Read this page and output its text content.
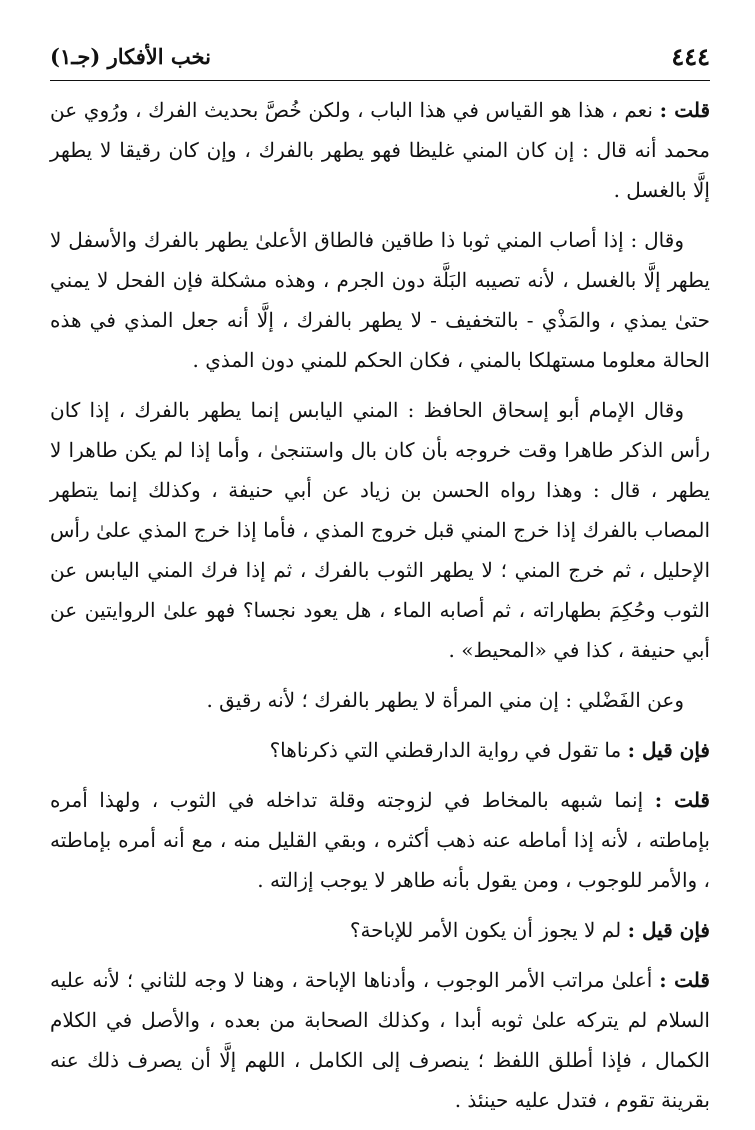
٤٤٤
نخب الأفكار (جـ١)

قلت : نعم ، هذا هو القياس في هذا الباب ، ولكن خُصَّ بحديث الفرك ، ورُوي عن محمد أنه قال : إن كان المني غليظا فهو يطهر بالفرك ، وإن كان رقيقا لا يطهر إلَّا بالغسل .

وقال : إذا أصاب المني ثوبا ذا طاقين فالطاق الأعلىٰ يطهر بالفرك والأسفل لا يطهر إلَّا بالغسل ، لأنه تصيبه البَلَّة دون الجرم ، وهذه مشكلة فإن الفحل لا يمني حتىٰ يمذي ، والمَذْي - بالتخفيف - لا يطهر بالفرك ، إلَّا أنه جعل المذي في هذه الحالة معلوما مستهلكا بالمني ، فكان الحكم للمني دون المذي .

وقال الإمام أبو إسحاق الحافظ : المني اليابس إنما يطهر بالفرك ، إذا كان رأس الذكر طاهرا وقت خروجه بأن كان بال واستنجىٰ ، وأما إذا لم يكن طاهرا لا يطهر ، قال : وهذا رواه الحسن بن زياد عن أبي حنيفة ، وكذلك إنما يتطهر المصاب بالفرك إذا خرج المني قبل خروج المذي ، فأما إذا خرج المذي علىٰ رأس الإحليل ، ثم خرج المني ؛ لا يطهر الثوب بالفرك ، ثم إذا فرك المني اليابس عن الثوب وحُكِمَ بطهاراته ، ثم أصابه الماء ، هل يعود نجسا؟ فهو علىٰ الروايتين عن أبي حنيفة ، كذا في «المحيط» .

وعن الفَضْلي : إن مني المرأة لا يطهر بالفرك ؛ لأنه رقيق .

فإن قيل : ما تقول في رواية الدارقطني التي ذكرناها؟

قلت : إنما شبهه بالمخاط في لزوجته وقلة تداخله في الثوب ، ولهذا أمره بإماطته ، لأنه إذا أماطه عنه ذهب أكثره ، وبقي القليل منه ، مع أنه أمره بإماطته ، والأمر للوجوب ، ومن يقول بأنه طاهر لا يوجب إزالته .

فإن قيل : لم لا يجوز أن يكون الأمر للإباحة؟

قلت : أعلىٰ مراتب الأمر الوجوب ، وأدناها الإباحة ، وهنا لا وجه للثاني ؛ لأنه عليه السلام لم يتركه علىٰ ثوبه أبدا ، وكذلك الصحابة من بعده ، والأصل في الكلام الكمال ، فإذا أطلق اللفظ ؛ ينصرف إلى الكامل ، اللهم إلَّا أن يصرف ذلك عنه بقرينة تقوم ، فتدل عليه حينئذ .
